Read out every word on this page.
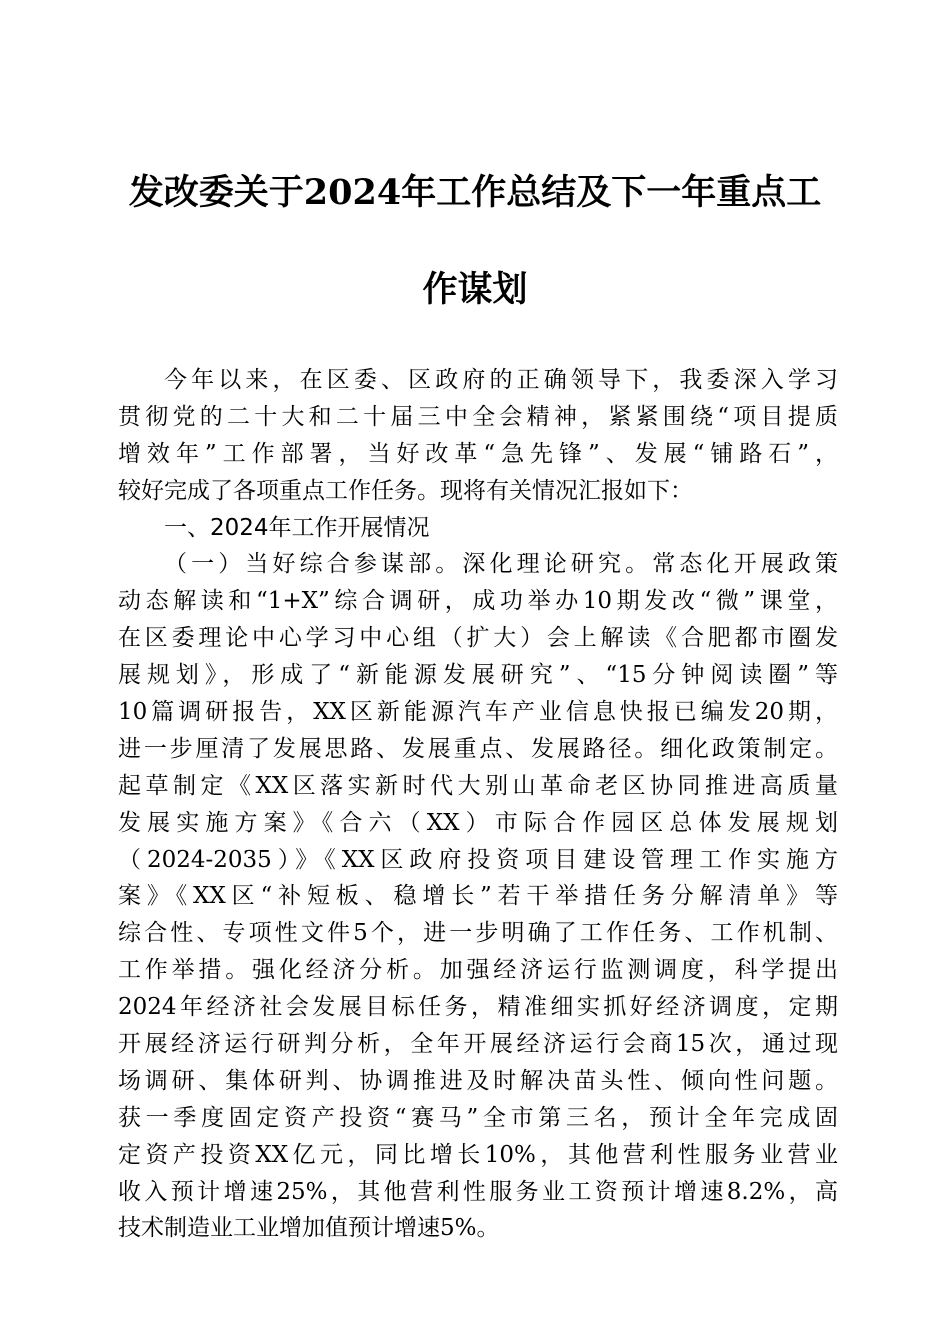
发改委关于2024年工作总结及下一年重点工
作谋划
今年以来，在区委、区政府的正确领导下，我委深入学习
贯彻党的二十大和二十届三中全会精神，紧紧围绕“项目提质
增效年”工作部署，当好改革“急先锋”、发展“铺路石”，
较好完成了各项重点工作任务。现将有关情况汇报如下：
一、2024年工作开展情况
（一）当好综合参谋部。深化理论研究。常态化开展政策
动态解读和“1+X”综合调研，成功举办10期发改“微”课堂，
在区委理论中心学习中心组（扩大）会上解读《合肥都市圈发
展规划》，形成了“新能源发展研究”、“15分钟阅读圈”等
10篇调研报告，XX区新能源汽车产业信息快报已编发20期，
进一步厘清了发展思路、发展重点、发展路径。细化政策制定。
起草制定《XX区落实新时代大别山革命老区协同推进高质量
发展实施方案》《合六（XX）市际合作园区总体发展规划
（2024-2035）》《XX区政府投资项目建设管理工作实施方
案》《XX区“补短板、稳增长”若干举措任务分解清单》等
综合性、专项性文件5个，进一步明确了工作任务、工作机制、
工作举措。强化经济分析。加强经济运行监测调度，科学提出
2024年经济社会发展目标任务，精准细实抓好经济调度，定期
开展经济运行研判分析，全年开展经济运行会商15次，通过现
场调研、集体研判、协调推进及时解决苗头性、倾向性问题。
获一季度固定资产投资“赛马”全市第三名，预计全年完成固
定资产投资XX亿元，同比增长10%，其他营利性服务业营业
收入预计增速25%，其他营利性服务业工资预计增速8.2%，高
技术制造业工业增加值预计增速5%。
